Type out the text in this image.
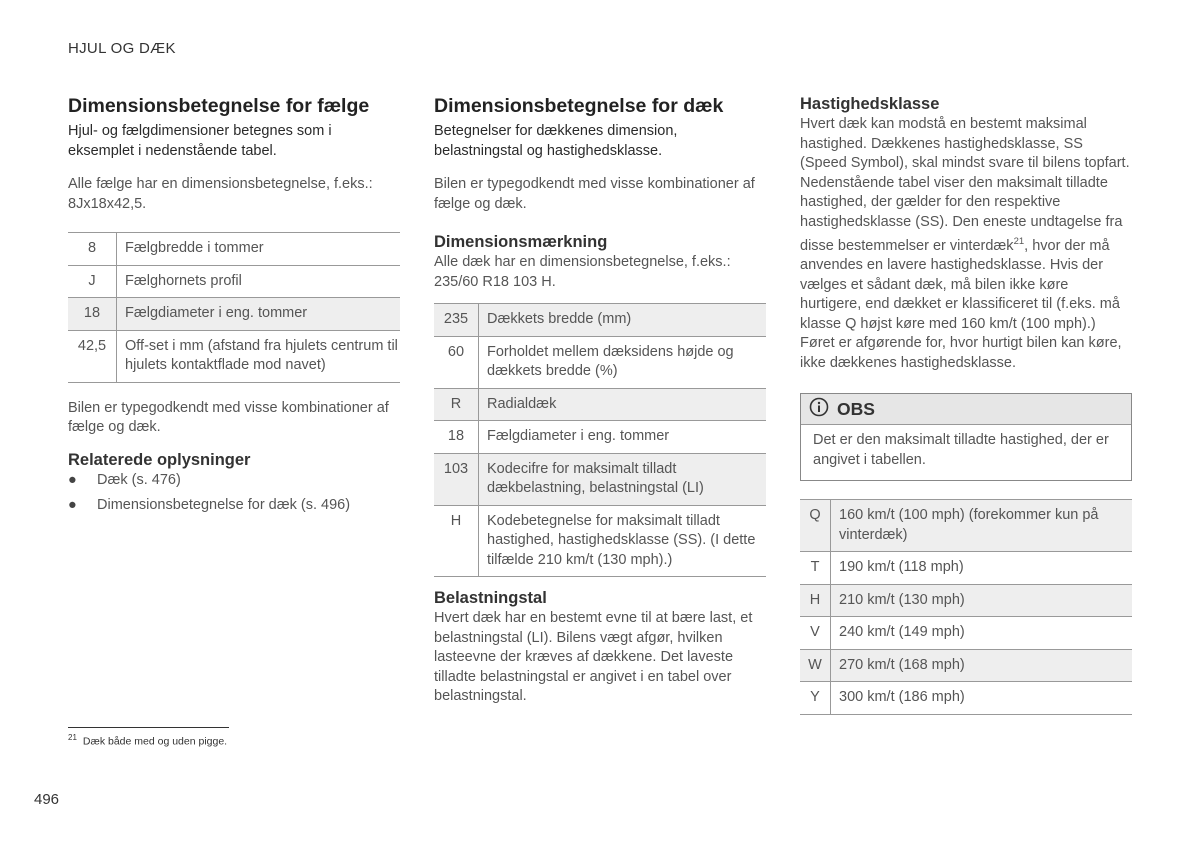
HJUL OG DÆK
Dimensionsbetegnelse for fælge

Hjul- og fælgdimensioner betegnes som i eksemplet i nedenstående tabel.

Alle fælge har en dimensionsbetegnelse, f.eks.: 8Jx18x42,5.

8	Fælgbredde i tommer
J	Fælghornets profil
18	Fælgdiameter i eng. tommer
42,5	Off-set i mm (afstand fra hjulets centrum til hjulets kontaktflade mod navet)

Bilen er typegodkendt med visse kombinationer af fælge og dæk.

Relaterede oplysninger
● Dæk (s. 476)
● Dimensionsbetegnelse for dæk (s. 496)
Dimensionsbetegnelse for dæk

Betegnelser for dækkenes dimension, belastningstal og hastighedsklasse.

Bilen er typegodkendt med visse kombinationer af fælge og dæk.

Dimensionsmærkning

Alle dæk har en dimensionsbetegnelse, f.eks.: 235/60 R18 103 H.

235	Dækkets bredde (mm)
60	Forholdet mellem dæksidens højde og dækkets bredde (%)
R	Radialdæk
18	Fælgdiameter i eng. tommer
103	Kodecifre for maksimalt tilladt dækbelastning, belastningstal (LI)
H	Kodebetegnelse for maksimalt tilladt hastighed, hastighedsklasse (SS). (I dette tilfælde 210 km/t (130 mph).)
Belastningstal

Hvert dæk har en bestemt evne til at bære last, et belastningstal (LI). Bilens vægt afgør, hvilken lasteevne der kræves af dækkene. Det laveste tilladte belastningstal er angivet i en tabel over belastningstal.

Hastighedsklasse

Hvert dæk kan modstå en bestemt maksimal hastighed. Dækkenes hastighedsklasse, SS (Speed Symbol), skal mindst svare til bilens topfart. Nedenstående tabel viser den maksimalt tilladte hastighed, der gælder for den respektive hastighedsklasse (SS). Den eneste undtagelse fra disse bestemmelser er vinterdæk$^{21}$, hvor der må anvendes en lavere hastighedsklasse. Hvis der vælges et sådant dæk, må bilen ikke køre hurtigere, end dækket er klassificeret til (f.eks. må klasse Q højst køre med 160 km/t (100 mph).) Føret er afgørende for, hvor hurtigt bilen kan køre, ikke dækkenes hastighedsklasse.

OBS
Det er den maksimalt tilladte hastighed, der er angivet i tabellen.
Q	160 km/t (100 mph) (forekommer kun på vinterdæk)
T	190 km/t (118 mph)
H	210 km/t (130 mph)
V	240 km/t (149 mph)
W	270 km/t (168 mph)
Y	300 km/t (186 mph)
$^{21}$ Dæk både med og uden pigge.
496
